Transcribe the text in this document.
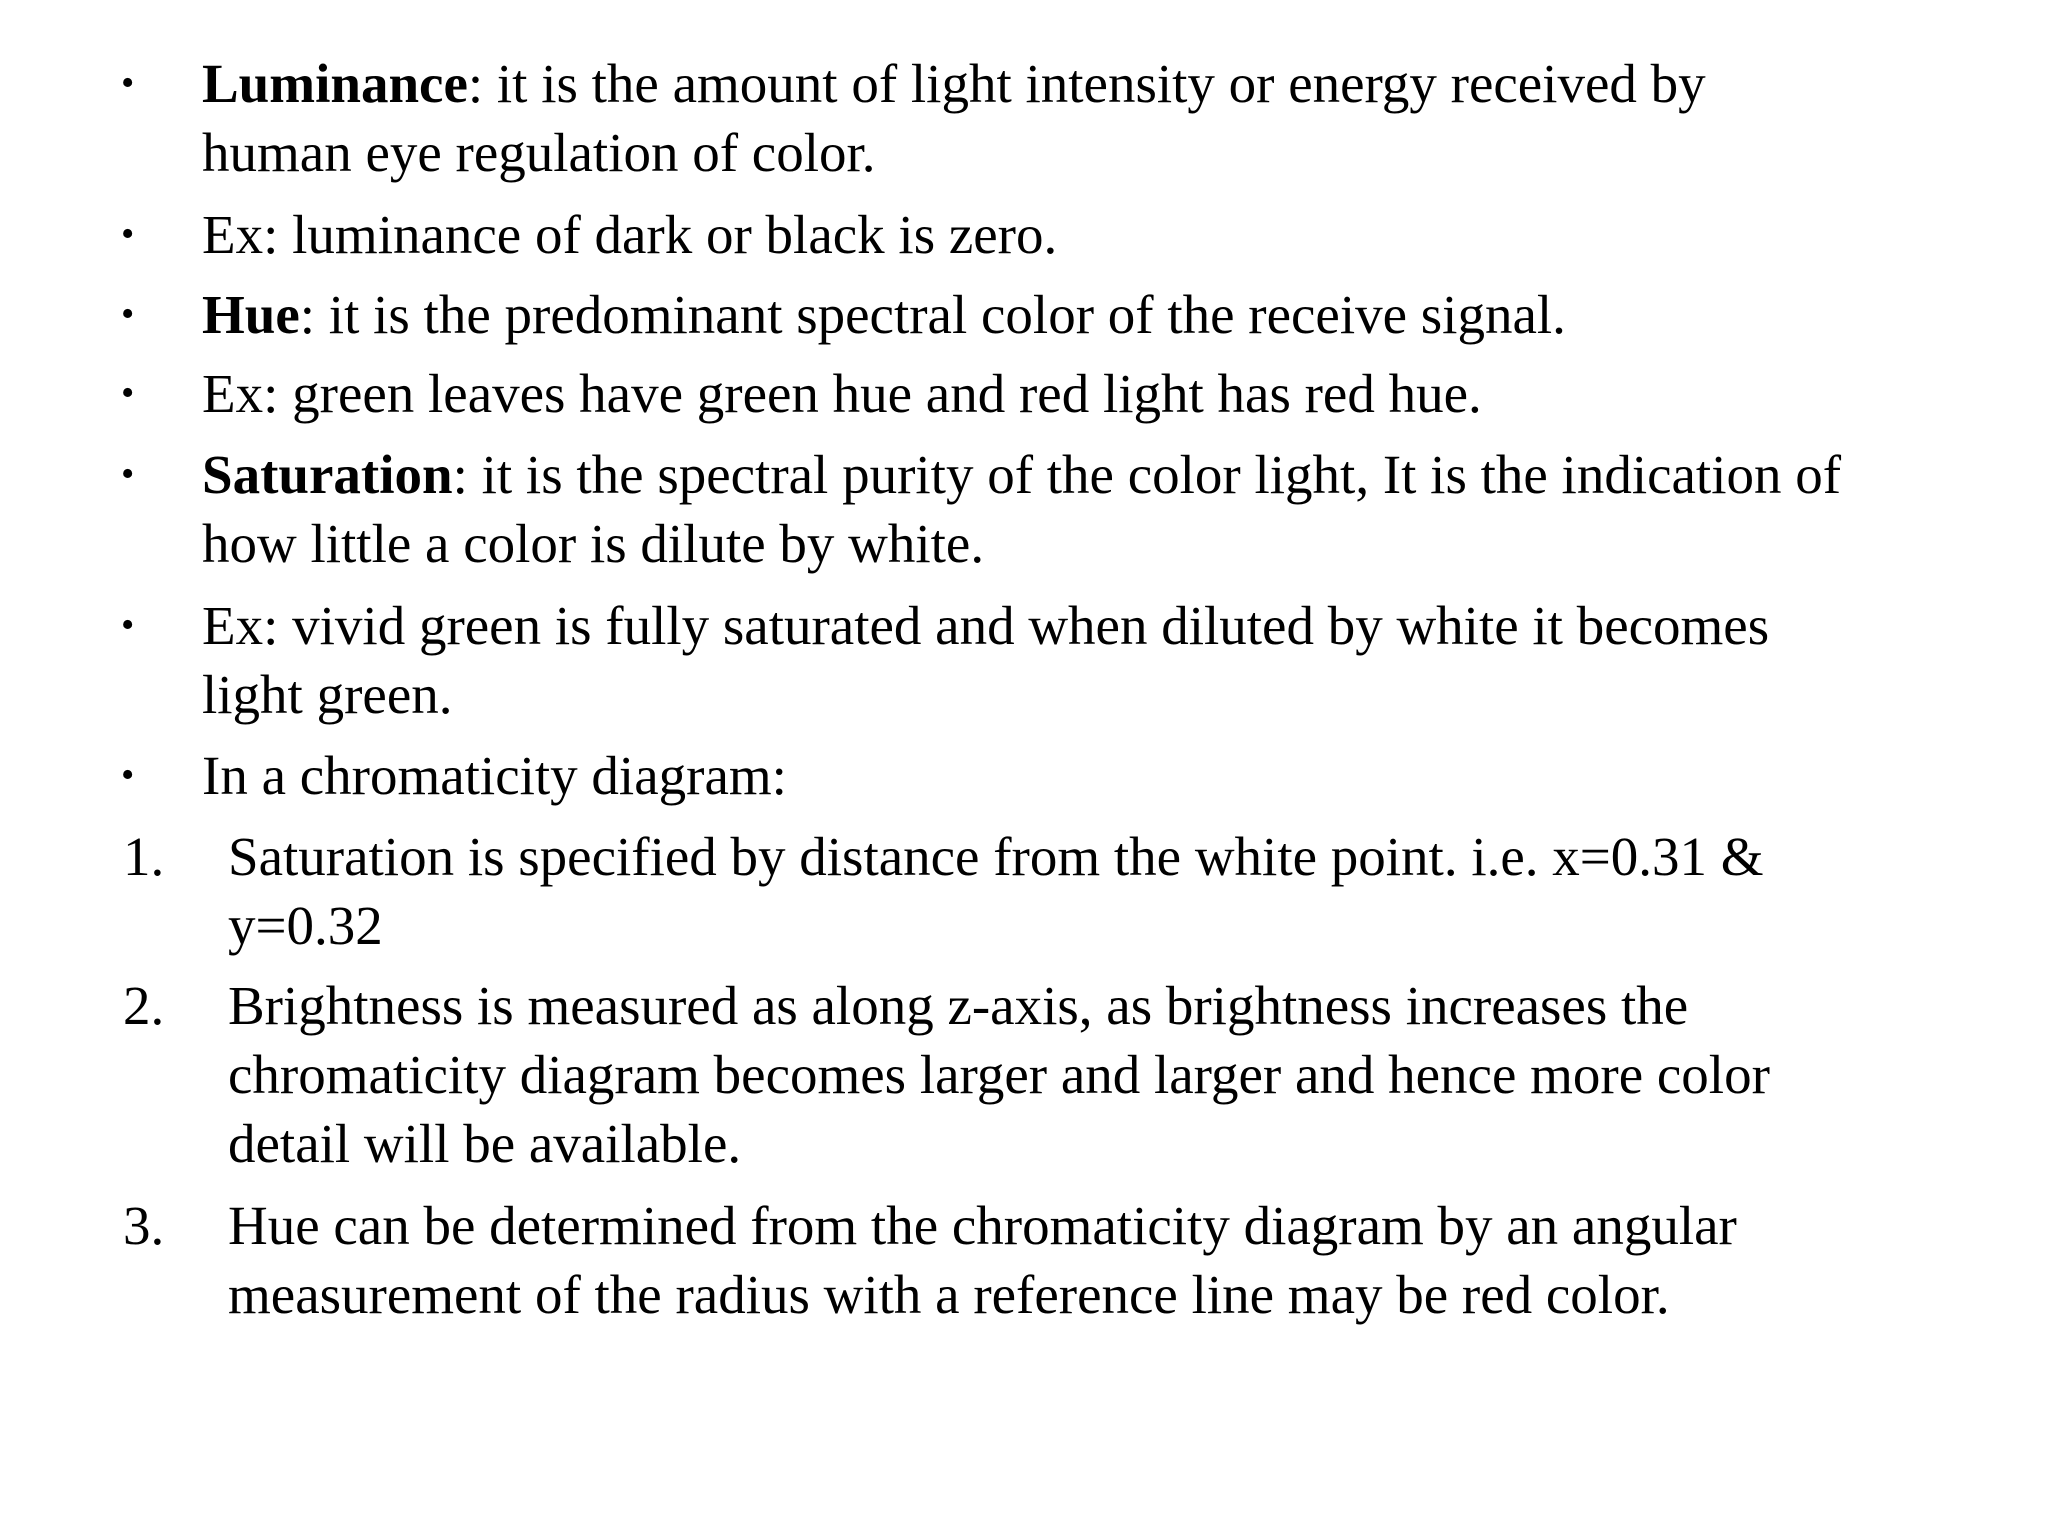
• Luminance: it is the amount of light intensity or energy received by
human eye regulation of color.
• Ex: luminance of dark or black is zero.
• Hue: it is the predominant spectral color of the receive signal.
• Ex: green leaves have green hue and red light has red hue.
• Saturation: it is the spectral purity of the color light, It is the indication of
how little a color is dilute by white.
• Ex: vivid green is fully saturated and when diluted by white it becomes
light green.
• In a chromaticity diagram:
1. Saturation is specified by distance from the white point. i.e. x=0.31 &
y=0.32
2. Brightness is measured as along z-axis, as brightness increases the
chromaticity diagram becomes larger and larger and hence more color
detail will be available.
3. Hue can be determined from the chromaticity diagram by an angular
measurement of the radius with a reference line may be red color.
